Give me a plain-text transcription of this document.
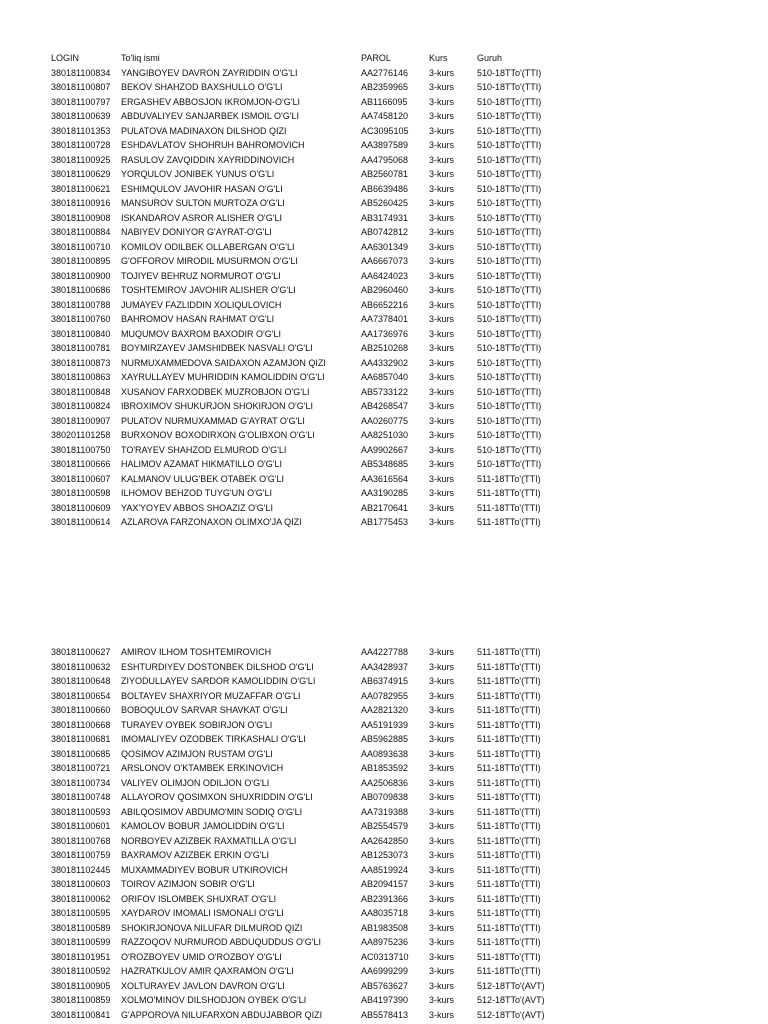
LOGIN	To'liq ismi	PAROL	Kurs	Guruh
380181100834	YANGIBOYEV DAVRON ZAYRIDDIN O'G'LI	AA2776146	3-kurs	510-18TTo'(TTI)
380181100807	BEKOV SHAHZOD BAXSHULLO O'G'LI	AB2359965	3-kurs	510-18TTo'(TTI)
380181100797	ERGASHEV ABBOSJON IKROMJON-O'G'LI	AB1166095	3-kurs	510-18TTo'(TTI)
380181100639	ABDUVALIYEV SANJARBEK ISMOIL O'G'LI	AA7458120	3-kurs	510-18TTo'(TTI)
380181101353	PULATOVA MADINAXON DILSHOD QIZI	AC3095105	3-kurs	510-18TTo'(TTI)
380181100728	ESHDAVLATOV SHOHRUH BAHROMOVICH	AA3897589	3-kurs	510-18TTo'(TTI)
380181100925	RASULOV ZAVQIDDIN XAYRIDDINOVICH	AA4795068	3-kurs	510-18TTo'(TTI)
380181100629	YORQULOV JONIBEK YUNUS O'G'LI	AB2560781	3-kurs	510-18TTo'(TTI)
380181100621	ESHIMQULOV JAVOHIR HASAN O'G'LI	AB6639486	3-kurs	510-18TTo'(TTI)
380181100916	MANSUROV SULTON MURTOZA O'G'LI	AB5260425	3-kurs	510-18TTo'(TTI)
380181100908	ISKANDAROV ASROR ALISHER O'G'LI	AB3174931	3-kurs	510-18TTo'(TTI)
380181100884	NABIYEV DONIYOR G'AYRAT-O'G'LI	AB0742812	3-kurs	510-18TTo'(TTI)
380181100710	KOMILOV ODILBEK OLLABERGAN O'G'LI	AA6301349	3-kurs	510-18TTo'(TTI)
380181100895	G'OFFOROV MIRODIL MUSURMON O'G'LI	AA6667073	3-kurs	510-18TTo'(TTI)
380181100900	TOJIYEV BEHRUZ NORMUROT O'G'LI	AA6424023	3-kurs	510-18TTo'(TTI)
380181100686	TOSHTEMIROV JAVOHIR ALISHER O'G'LI	AB2960460	3-kurs	510-18TTo'(TTI)
380181100788	JUMAYEV FAZLIDDIN XOLIQULOVICH	AB6652216	3-kurs	510-18TTo'(TTI)
380181100760	BAHROMOV HASAN RAHMAT O'G'LI	AA7378401	3-kurs	510-18TTo'(TTI)
380181100840	MUQUMOV BAXROM BAXODIR O'G'LI	AA1736976	3-kurs	510-18TTo'(TTI)
380181100781	BOYMIRZAYEV JAMSHIDBEK NASVALI O'G'LI	AB2510268	3-kurs	510-18TTo'(TTI)
380181100873	NURMUXAMMEDOVA SAIDAXON AZAMJON QIZI	AA4332902	3-kurs	510-18TTo'(TTI)
380181100863	XAYRULLAYEV MUHRIDDIN KAMOLIDDIN O'G'LI	AA6857040	3-kurs	510-18TTo'(TTI)
380181100848	XUSANOV FARXODBEK MUZROBJON O'G'LI	AB5733122	3-kurs	510-18TTo'(TTI)
380181100824	IBROXIMOV SHUKURJON SHOKIRJON O'G'LI	AB4268547	3-kurs	510-18TTo'(TTI)
380181100907	PULATOV NURMUXAMMAD G'AYRAT O'G'LI	AA0260775	3-kurs	510-18TTo'(TTI)
380201101258	BURXONOV BOXODIRXON G'OLIBXON O'G'LI	AA8251030	3-kurs	510-18TTo'(TTI)
380181100750	TO'RAYEV SHAHZOD ELMUROD O'G'LI	AA9902667	3-kurs	510-18TTo'(TTI)
380181100666	HALIMOV AZAMAT HIKMATILLO O'G'LI	AB5348685	3-kurs	510-18TTo'(TTI)
380181100607	KALMANOV ULUG'BEK OTABEK O'G'LI	AA3616564	3-kurs	511-18TTo'(TTI)
380181100598	ILHOMOV BEHZOD TUYG'UN O'G'LI	AA3190285	3-kurs	511-18TTo'(TTI)
380181100609	YAX'YOYEV ABBOS SHOAZIZ O'G'LI	AB2170641	3-kurs	511-18TTo'(TTI)
380181100614	AZLAROVA FARZONAXON OLIMXO'JA QIZI	AB1775453	3-kurs	511-18TTo'(TTI)
380181100627	AMIROV ILHOM TOSHTEMIROVICH	AA4227788	3-kurs	511-18TTo'(TTI)
380181100632	ESHTURDIYEV DOSTONBEK DILSHOD O'G'LI	AA3428937	3-kurs	511-18TTo'(TTI)
380181100648	ZIYODULLAYEV SARDOR KAMOLIDDIN O'G'LI	AB6374915	3-kurs	511-18TTo'(TTI)
380181100654	BOLTAYEV SHAXRIYOR MUZAFFAR O'G'LI	AA0782955	3-kurs	511-18TTo'(TTI)
380181100660	BOBOQULOV SARVAR SHAVKAT O'G'LI	AA2821320	3-kurs	511-18TTo'(TTI)
380181100668	TURAYEV OYBEK SOBIRJON O'G'LI	AA5191939	3-kurs	511-18TTo'(TTI)
380181100681	IMOMALIYEV OZODBEK TIRKASHALI O'G'LI	AB5962885	3-kurs	511-18TTo'(TTI)
380181100685	QOSIMOV AZIMJON RUSTAM O'G'LI	AA0893638	3-kurs	511-18TTo'(TTI)
380181100721	ARSLONOV O'KTAMBEK ERKINOVICH	AB1853592	3-kurs	511-18TTo'(TTI)
380181100734	VALIYEV OLIMJON ODILJON O'G'LI	AA2506836	3-kurs	511-18TTo'(TTI)
380181100748	ALLAYOROV QOSIMXON SHUXRIDDIN O'G'LI	AB0709838	3-kurs	511-18TTo'(TTI)
380181100593	ABILQOSIMOV ABDUMO'MIN SODIQ O'G'LI	AA7319388	3-kurs	511-18TTo'(TTI)
380181100601	KAMOLOV BOBUR JAMOLIDDIN O'G'LI	AB2554579	3-kurs	511-18TTo'(TTI)
380181100768	NORBOYEV AZIZBEK RAXMATILLA O'G'LI	AA2642850	3-kurs	511-18TTo'(TTI)
380181100759	BAXRAMOV AZIZBEK ERKIN O'G'LI	AB1253073	3-kurs	511-18TTo'(TTI)
380181102445	MUXAMMADIYEV BOBUR UTKIROVICH	AA8519924	3-kurs	511-18TTo'(TTI)
380181100603	TOIROV AZIMJON SOBIR O'G'LI	AB2094157	3-kurs	511-18TTo'(TTI)
380181100062	ORIFOV ISLOMBEK SHUXRAT O'G'LI	AB2391366	3-kurs	511-18TTo'(TTI)
380181100595	XAYDAROV IMOMALI ISMONALI O'G'LI	AA8035718	3-kurs	511-18TTo'(TTI)
380181100589	SHOKIRJONOVA NILUFAR DILMUROD QIZI	AB1983508	3-kurs	511-18TTo'(TTI)
380181100599	RAZZOQOV NURMUROD ABDUQUDDUS O'G'LI	AA8975236	3-kurs	511-18TTo'(TTI)
380181101951	O'ROZBOYEV UMID O'ROZBOY O'G'LI	AC0313710	3-kurs	511-18TTo'(TTI)
380181100592	HAZRATKULOV AMIR QAXRAMON O'G'LI	AA6999299	3-kurs	511-18TTo'(TTI)
380181100905	XOLTURAYEV JAVLON DAVRON O'G'LI	AB5763627	3-kurs	512-18TTo'(AVT)
380181100859	XOLMO'MINOV DILSHODJON OYBEK O'G'LI	AB4197390	3-kurs	512-18TTo'(AVT)
380181100841	G'APPOROVA NILUFARXON ABDUJABBOR QIZI	AB5578413	3-kurs	512-18TTo'(AVT)
